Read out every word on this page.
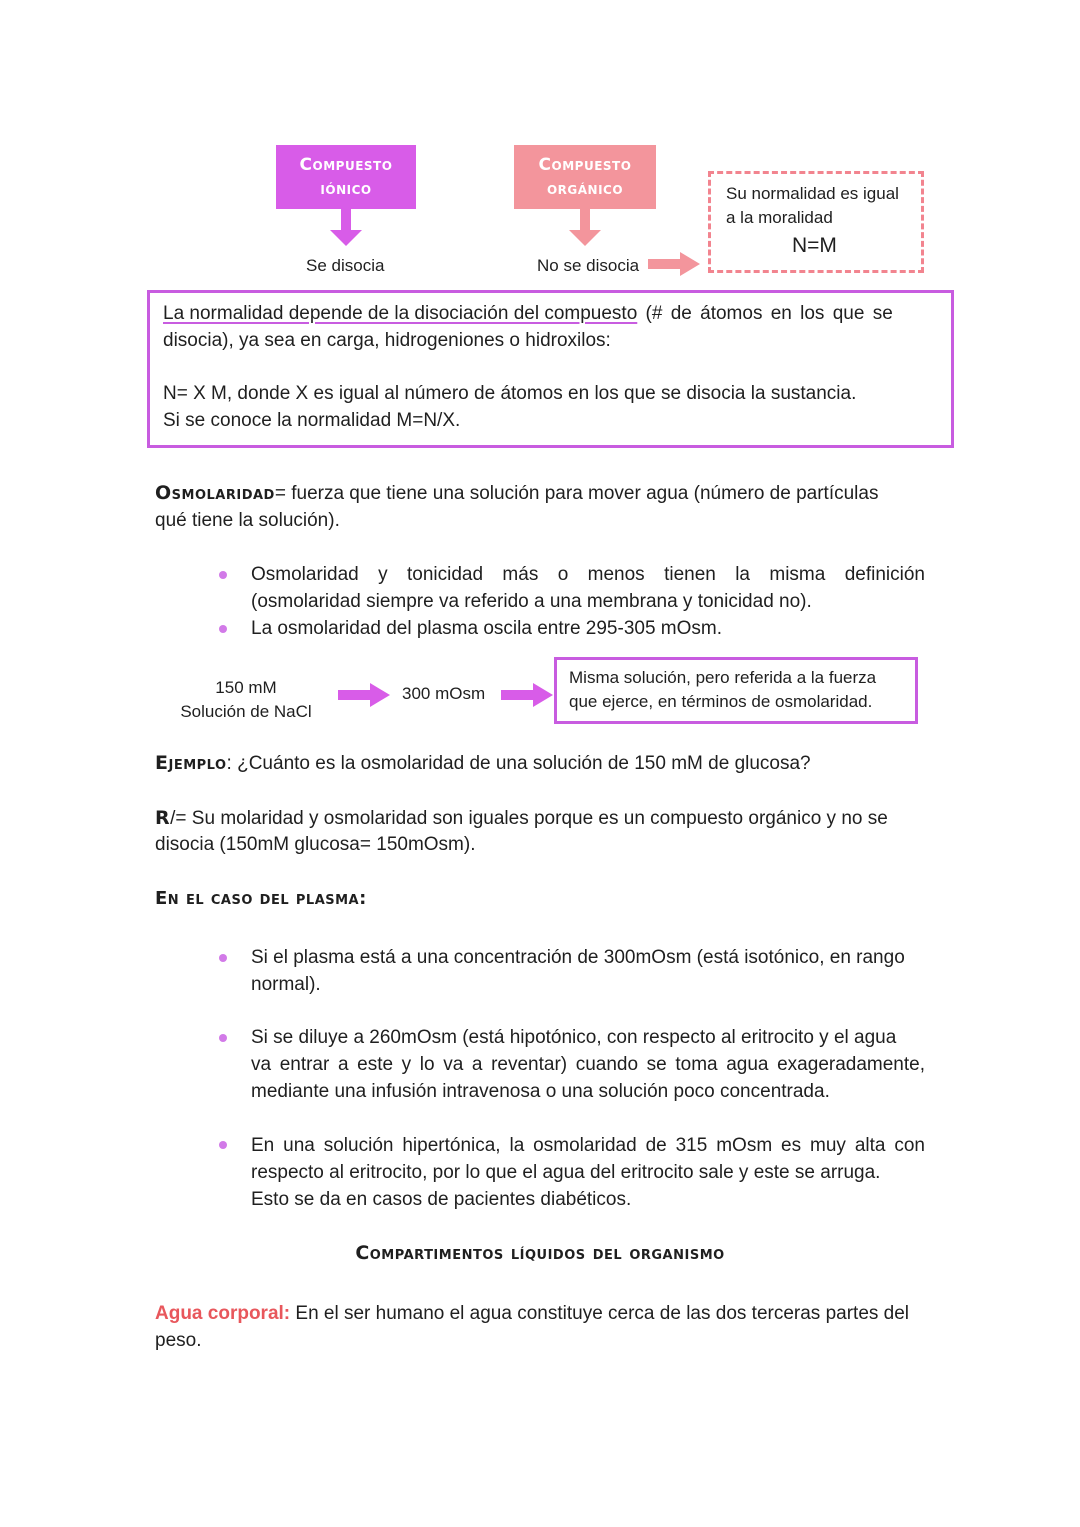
Compuesto
iónico
Se disocia
Compuesto
orgánico
No se disocia
Su normalidad es igual
a la moralidad
N=M
La normalidad depende de la disociación del compuesto (# de átomos en los que se
disocia), ya sea en carga, hidrogeniones o hidroxilos:
N= X M, donde X es igual al número de átomos en los que se disocia la sustancia.
Si se conoce la normalidad M=N/X.
Osmolaridad= fuerza que tiene una solución para mover agua (número de partículas
qué tiene la solución).
Osmolaridad y tonicidad más o menos tienen la misma definición
(osmolaridad siempre va referido a una membrana y tonicidad no).
La osmolaridad del plasma oscila entre 295-305 mOsm.
150 mM
Solución de NaCl
300 mOsm
Misma solución, pero referida a la fuerza
que ejerce, en términos de osmolaridad.
Ejemplo: ¿Cuánto es la osmolaridad de una solución de 150 mM de glucosa?
R/= Su molaridad y osmolaridad son iguales porque es un compuesto orgánico y no se
disocia (150mM glucosa= 150mOsm).
En el caso del plasma:
Si el plasma está a una concentración de 300mOsm (está isotónico, en rango
normal).
Si se diluye a 260mOsm (está hipotónico, con respecto al eritrocito y el agua
va entrar a este y lo va a reventar) cuando se toma agua exageradamente,
mediante una infusión intravenosa o una solución poco concentrada.
En una solución hipertónica, la osmolaridad de 315 mOsm es muy alta con
respecto al eritrocito, por lo que el agua del eritrocito sale y este se arruga.
Esto se da en casos de pacientes diabéticos.
Compartimentos líquidos del organismo
Agua corporal: En el ser humano el agua constituye cerca de las dos terceras partes del
peso.
